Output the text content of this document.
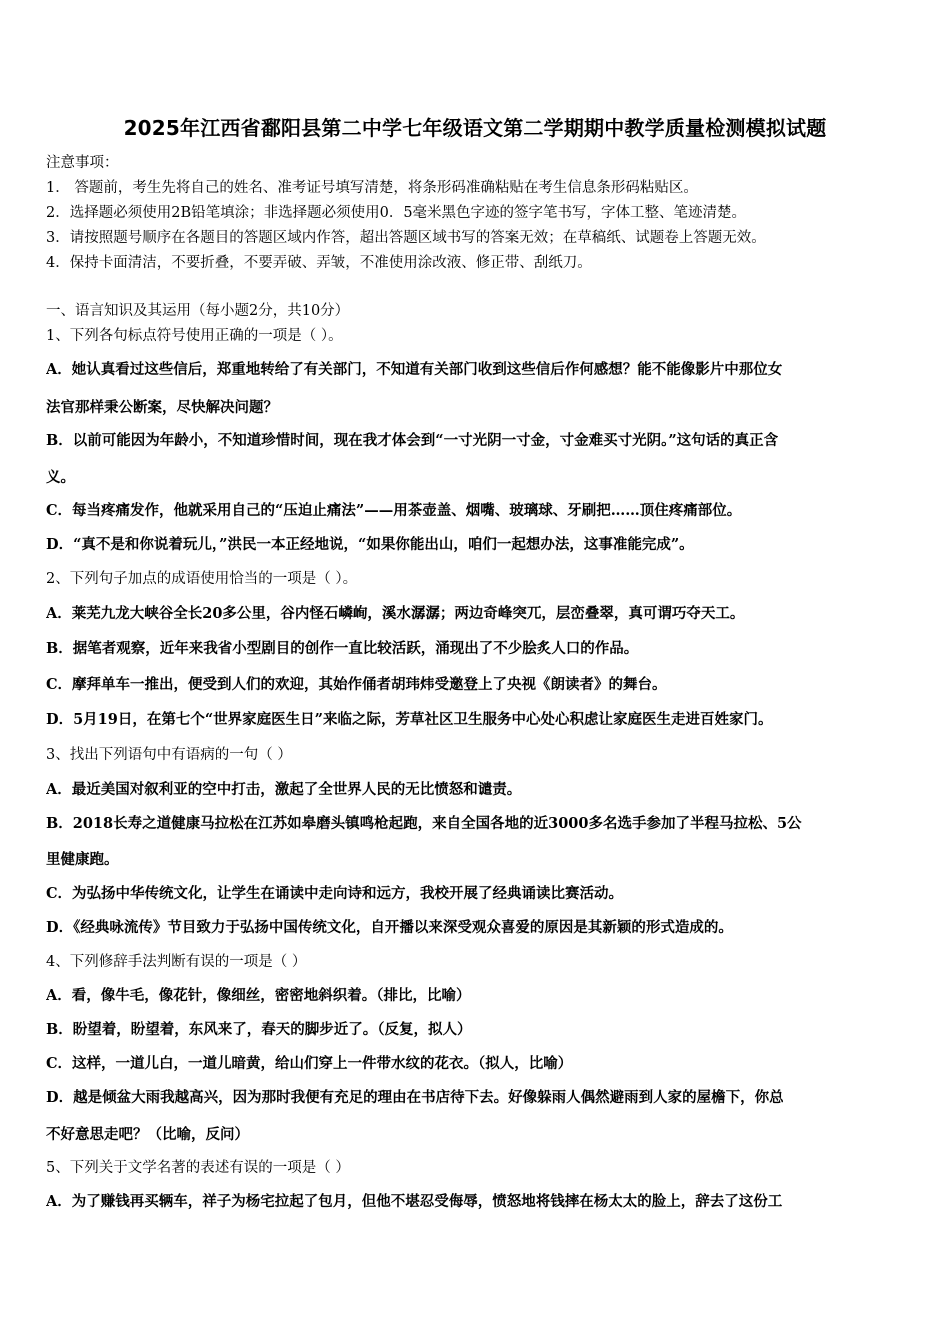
2025年江西省鄱阳县第二中学七年级语文第二学期期中教学质量检测模拟试题
注意事项：
1． 答题前，考生先将自己的姓名、准考证号填写清楚，将条形码准确粘贴在考生信息条形码粘贴区。
2．选择题必须使用2B铅笔填涂；非选择题必须使用0．5毫米黑色字迹的签字笔书写，字体工整、笔迹清楚。
3．请按照题号顺序在各题目的答题区域内作答，超出答题区域书写的答案无效；在草稿纸、试题卷上答题无效。
4．保持卡面清洁，不要折叠，不要弄破、弄皱，不准使用涂改液、修正带、刮纸刀。
一、语言知识及其运用（每小题2分，共10分）
1、下列各句标点符号使用正确的一项是（ ）。
A．她认真看过这些信后，郑重地转给了有关部门，不知道有关部门收到这些信后作何感想？能不能像影片中那位女
法官那样秉公断案，尽快解决问题？
B．以前可能因为年龄小，不知道珍惜时间，现在我才体会到“一寸光阴一寸金，寸金难买寸光阴。”这句话的真正含
义。
C．每当疼痛发作，他就采用自己的“压迫止痛法”——用茶壶盖、烟嘴、玻璃球、牙刷把……顶住疼痛部位。
D．“真不是和你说着玩儿，”洪民一本正经地说，“如果你能出山，咱们一起想办法，这事准能完成”。
2、下列句子加点的成语使用恰当的一项是（ ）。
A．莱芜九龙大峡谷全长20多公里，谷内怪石嶙峋，溪水潺潺；两边奇峰突兀，层峦叠翠，真可谓巧夺天工。
B．据笔者观察，近年来我省小型剧目的创作一直比较活跃，涌现出了不少脍炙人口的作品。
C．摩拜单车一推出，便受到人们的欢迎，其始作俑者胡玮炜受邀登上了央视《朗读者》的舞台。
D．5月19日，在第七个“世界家庭医生日”来临之际，芳草社区卫生服务中心处心积虑让家庭医生走进百姓家门。
3、找出下列语句中有语病的一句（ ）
A．最近美国对叙利亚的空中打击，激起了全世界人民的无比愤怒和谴责。
B．2018长寿之道健康马拉松在江苏如皋磨头镇鸣枪起跑，来自全国各地的近3000多名选手参加了半程马拉松、5公
里健康跑。
C．为弘扬中华传统文化，让学生在诵读中走向诗和远方，我校开展了经典诵读比赛活动。
D．《经典咏流传》节目致力于弘扬中国传统文化，自开播以来深受观众喜爱的原因是其新颖的形式造成的。
4、下列修辞手法判断有误的一项是（ ）
A．看，像牛毛，像花针，像细丝，密密地斜织着。（排比，比喻）
B．盼望着，盼望着，东风来了，春天的脚步近了。（反复，拟人）
C．这样，一道儿白，一道儿暗黄，给山们穿上一件带水纹的花衣。（拟人，比喻）
D．越是倾盆大雨我越高兴，因为那时我便有充足的理由在书店待下去。好像躲雨人偶然避雨到人家的屋檐下，你总
不好意思走吧？（比喻，反问）
5、下列关于文学名著的表述有误的一项是（ ）
A．为了赚钱再买辆车，祥子为杨宅拉起了包月，但他不堪忍受侮辱，愤怒地将钱摔在杨太太的脸上，辞去了这份工
